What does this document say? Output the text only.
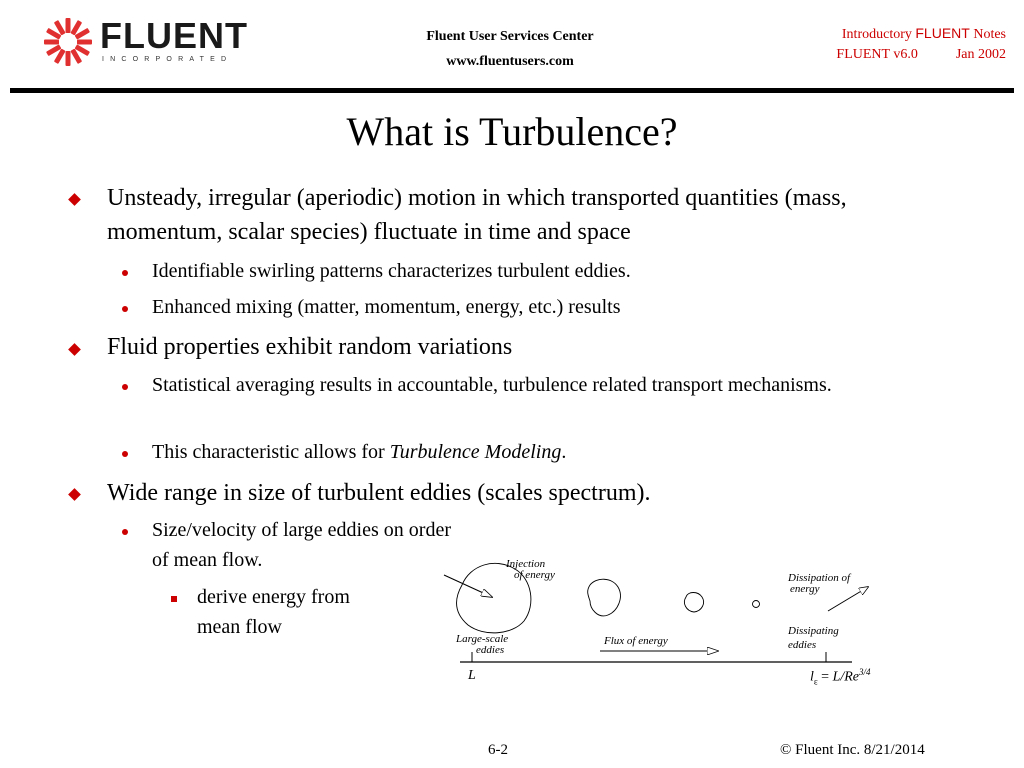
FLUENT
INCORPORATED
Fluent User Services Center
www.fluentusers.com
Introductory FLUENT Notes
FLUENT v6.0	Jan 2002
What is Turbulence?
Unsteady, irregular (aperiodic) motion in which transported quantities (mass, momentum, scalar species) fluctuate in time and space
Identifiable swirling patterns characterizes turbulent eddies.
Enhanced mixing (matter, momentum, energy, etc.) results
Fluid properties exhibit random variations
Statistical averaging results in accountable, turbulence related transport mechanisms.
This characteristic allows for Turbulence Modeling.
Wide range in size of turbulent eddies (scales spectrum).
Size/velocity of large eddies on order of mean flow.
derive energy from mean flow
Injection
of energy
Large-scale
eddies
Flux of energy
Dissipation of
energy
Dissipating
eddies
L	$l_\varepsilon = L/Re^{3/4}$
6-2	© Fluent Inc. 8/21/2014
